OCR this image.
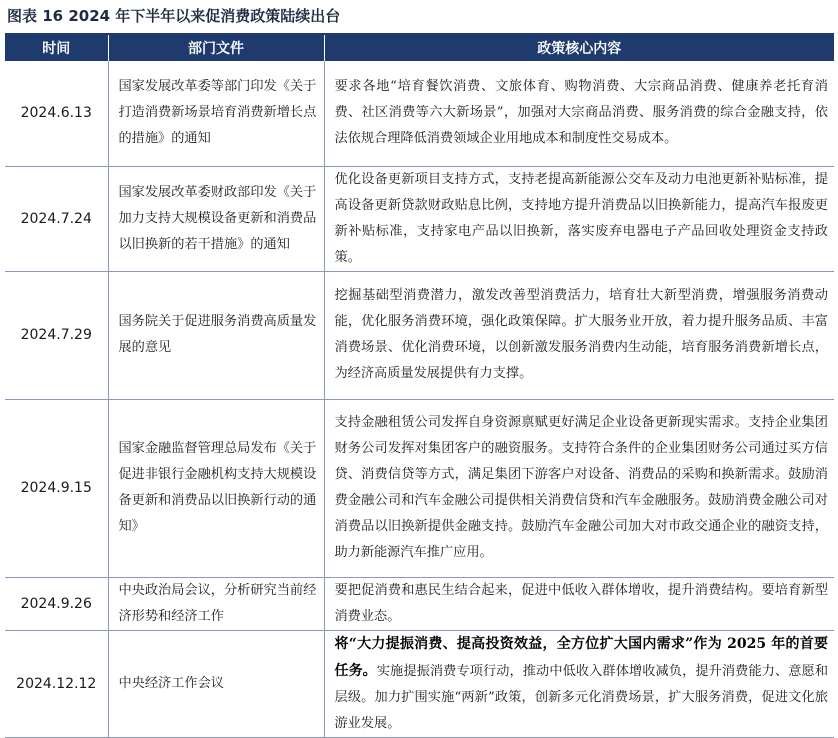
图表 16 2024 年下半年以来促消费政策陆续出台
时间	部门文件	政策核心内容
2024.6.13	国家发展改革委等部门印发《关于打造消费新场景培育消费新增长点的措施》的通知	要求各地“培育餐饮消费、文旅体育、购物消费、大宗商品消费、健康养老托育消费、社区消费等六大新场景”，加强对大宗商品消费、服务消费的综合金融支持，依法依规合理降低消费领域企业用地成本和制度性交易成本。
2024.7.24	国家发展改革委财政部印发《关于加力支持大规模设备更新和消费品以旧换新的若干措施》的通知	优化设备更新项目支持方式，支持老提高新能源公交车及动力电池更新补贴标准，提高设备更新贷款财政贴息比例，支持地方提升消费品以旧换新能力，提高汽车报废更新补贴标准，支持家电产品以旧换新，落实废弃电器电子产品回收处理资金支持政策。
2024.7.29	国务院关于促进服务消费高质量发展的意见	挖掘基础型消费潜力，激发改善型消费活力，培育壮大新型消费，增强服务消费动能，优化服务消费环境，强化政策保障。扩大服务业开放，着力提升服务品质、丰富消费场景、优化消费环境，以创新激发服务消费内生动能，培育服务消费新增长点，为经济高质量发展提供有力支撑。
2024.9.15	国家金融监督管理总局发布《关于促进非银行金融机构支持大规模设备更新和消费品以旧换新行动的通知》	支持金融租赁公司发挥自身资源禀赋更好满足企业设备更新现实需求。支持企业集团财务公司发挥对集团客户的融资服务。支持符合条件的企业集团财务公司通过买方信贷、消费信贷等方式，满足集团下游客户对设备、消费品的采购和换新需求。鼓励消费金融公司和汽车金融公司提供相关消费信贷和汽车金融服务。鼓励消费金融公司对消费品以旧换新提供金融支持。鼓励汽车金融公司加大对市政交通企业的融资支持，助力新能源汽车推广应用。
2024.9.26	中央政治局会议，分析研究当前经济形势和经济工作	要把促消费和惠民生结合起来，促进中低收入群体增收，提升消费结构。要培育新型消费业态。
2024.12.12	中央经济工作会议	将“大力提振消费、提高投资效益，全方位扩大国内需求”作为 2025 年的首要任务。实施提振消费专项行动，推动中低收入群体增收减负，提升消费能力、意愿和层级。加力扩围实施“两新”政策，创新多元化消费场景，扩大服务消费，促进文化旅游业发展。
